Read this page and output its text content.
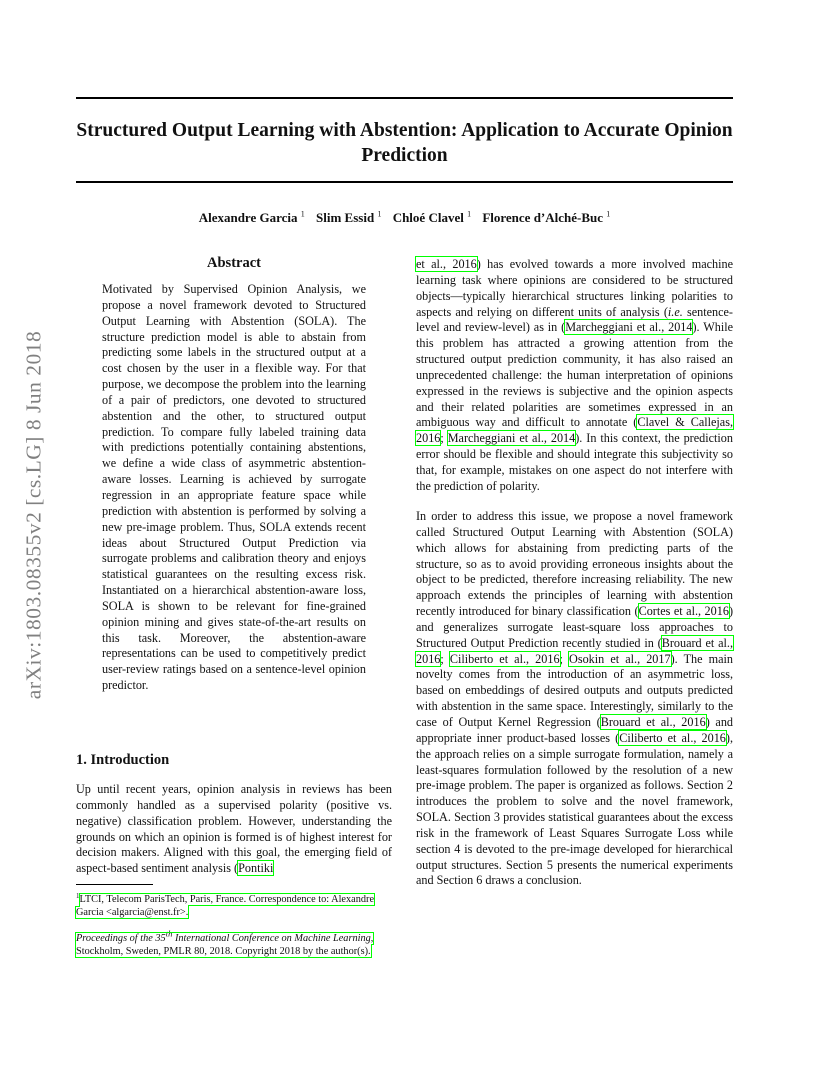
Structured Output Learning with Abstention: Application to Accurate Opinion Prediction
Alexandre Garcia $^1$ Slim Essid $^1$ Chloé Clavel $^1$ Florence d’Alché-Buc $^1$
arXiv:1803.08355v2 [cs.LG] 8 Jun 2018
Abstract

Motivated by Supervised Opinion Analysis, we propose a novel framework devoted to Structured Output Learning with Abstention (SOLA). The structure prediction model is able to abstain from predicting some labels in the structured output at a cost chosen by the user in a flexible way. For that purpose, we decompose the problem into the learning of a pair of predictors, one devoted to structured abstention and the other, to structured output prediction. To compare fully labeled training data with predictions potentially containing abstentions, we define a wide class of asymmetric abstention-aware losses. Learning is achieved by surrogate regression in an appropriate feature space while prediction with abstention is performed by solving a new pre-image problem. Thus, SOLA extends recent ideas about Structured Output Prediction via surrogate problems and calibration theory and enjoys statistical guarantees on the resulting excess risk. Instantiated on a hierarchical abstention-aware loss, SOLA is shown to be relevant for fine-grained opinion mining and gives state-of-the-art results on this task. Moreover, the abstention-aware representations can be used to competitively predict user-review ratings based on a sentence-level opinion predictor.

1. Introduction

Up until recent years, opinion analysis in reviews has been commonly handled as a supervised polarity (positive vs. negative) classification problem. However, understanding the grounds on which an opinion is formed is of highest interest for decision makers. Aligned with this goal, the emerging field of aspect-based sentiment analysis (Pontiki

$^1$LTCI, Telecom ParisTech, Paris, France. Correspondence to: Alexandre Garcia <algarcia@enst.fr>.

Proceedings of the 35th International Conference on Machine Learning, Stockholm, Sweden, PMLR 80, 2018. Copyright 2018 by the author(s).

et al., 2016) has evolved towards a more involved machine learning task where opinions are considered to be structured objects—typically hierarchical structures linking polarities to aspects and relying on different units of analysis (i.e. sentence-level and review-level) as in (Marcheggiani et al., 2014). While this problem has attracted a growing attention from the structured output prediction community, it has also raised an unprecedented challenge: the human interpretation of opinions expressed in the reviews is subjective and the opinion aspects and their related polarities are sometimes expressed in an ambiguous way and difficult to annotate (Clavel & Callejas, 2016; Marcheggiani et al., 2014). In this context, the prediction error should be flexible and should integrate this subjectivity so that, for example, mistakes on one aspect do not interfere with the prediction of polarity.

In order to address this issue, we propose a novel framework called Structured Output Learning with Abstention (SOLA) which allows for abstaining from predicting parts of the structure, so as to avoid providing erroneous insights about the object to be predicted, therefore increasing reliability. The new approach extends the principles of learning with abstention recently introduced for binary classification (Cortes et al., 2016) and generalizes surrogate least-square loss approaches to Structured Output Prediction recently studied in (Brouard et al., 2016; Ciliberto et al., 2016; Osokin et al., 2017). The main novelty comes from the introduction of an asymmetric loss, based on embeddings of desired outputs and outputs predicted with abstention in the same space. Interestingly, similarly to the case of Output Kernel Regression (Brouard et al., 2016) and appropriate inner product-based losses (Ciliberto et al., 2016), the approach relies on a simple surrogate formulation, namely a least-squares formulation followed by the resolution of a new pre-image problem. The paper is organized as follows. Section 2 introduces the problem to solve and the novel framework, SOLA. Section 3 provides statistical guarantees about the excess risk in the framework of Least Squares Surrogate Loss while section 4 is devoted to the pre-image developed for hierarchical output structures. Section 5 presents the numerical experiments and Section 6 draws a conclusion.
